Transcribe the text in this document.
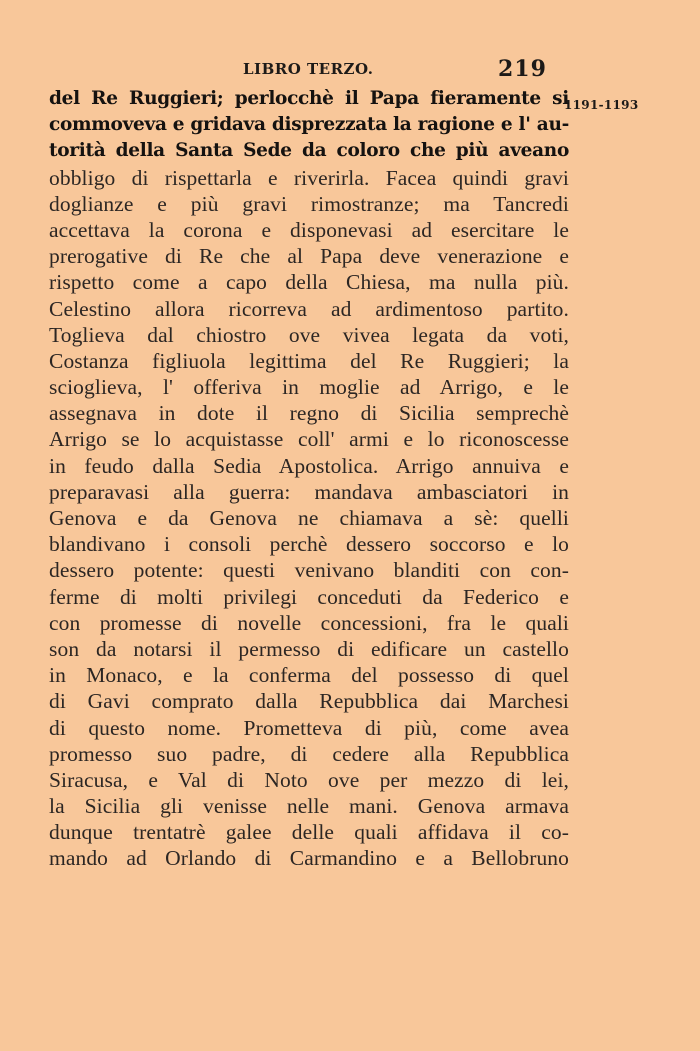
LIBRO TERZO.	219
1191-1193
del Re Ruggieri; perlocchè il Papa fieramente si
commoveva e gridava disprezzata la ragione e l' au-
torità della Santa Sede da coloro che più aveano
obbligo di rispettarla e riverirla. Facea quindi gravi
doglianze e più gravi rimostranze; ma Tancredi
accettava la corona e disponevasi ad esercitare le
prerogative di Re che al Papa deve venerazione e
rispetto come a capo della Chiesa, ma nulla più.
Celestino allora ricorreva ad ardimentoso partito.
Toglieva dal chiostro ove vivea legata da voti,
Costanza figliuola legittima del Re Ruggieri; la
scioglieva, l' offeriva in moglie ad Arrigo, e le
assegnava in dote il regno di Sicilia semprechè
Arrigo se lo acquistasse coll' armi e lo riconoscesse
in feudo dalla Sedia Apostolica. Arrigo annuiva e
preparavasi alla guerra: mandava ambasciatori in
Genova e da Genova ne chiamava a sè: quelli
blandivano i consoli perchè dessero soccorso e lo
dessero potente: questi venivano blanditi con con-
ferme di molti privilegi conceduti da Federico e
con promesse di novelle concessioni, fra le quali
son da notarsi il permesso di edificare un castello
in Monaco, e la conferma del possesso di quel
di Gavi comprato dalla Repubblica dai Marchesi
di questo nome. Prometteva di più, come avea
promesso suo padre, di cedere alla Repubblica
Siracusa, e Val di Noto ove per mezzo di lei,
la Sicilia gli venisse nelle mani. Genova armava
dunque trentatrè galee delle quali affidava il co-
mando ad Orlando di Carmandino e a Bellobruno
